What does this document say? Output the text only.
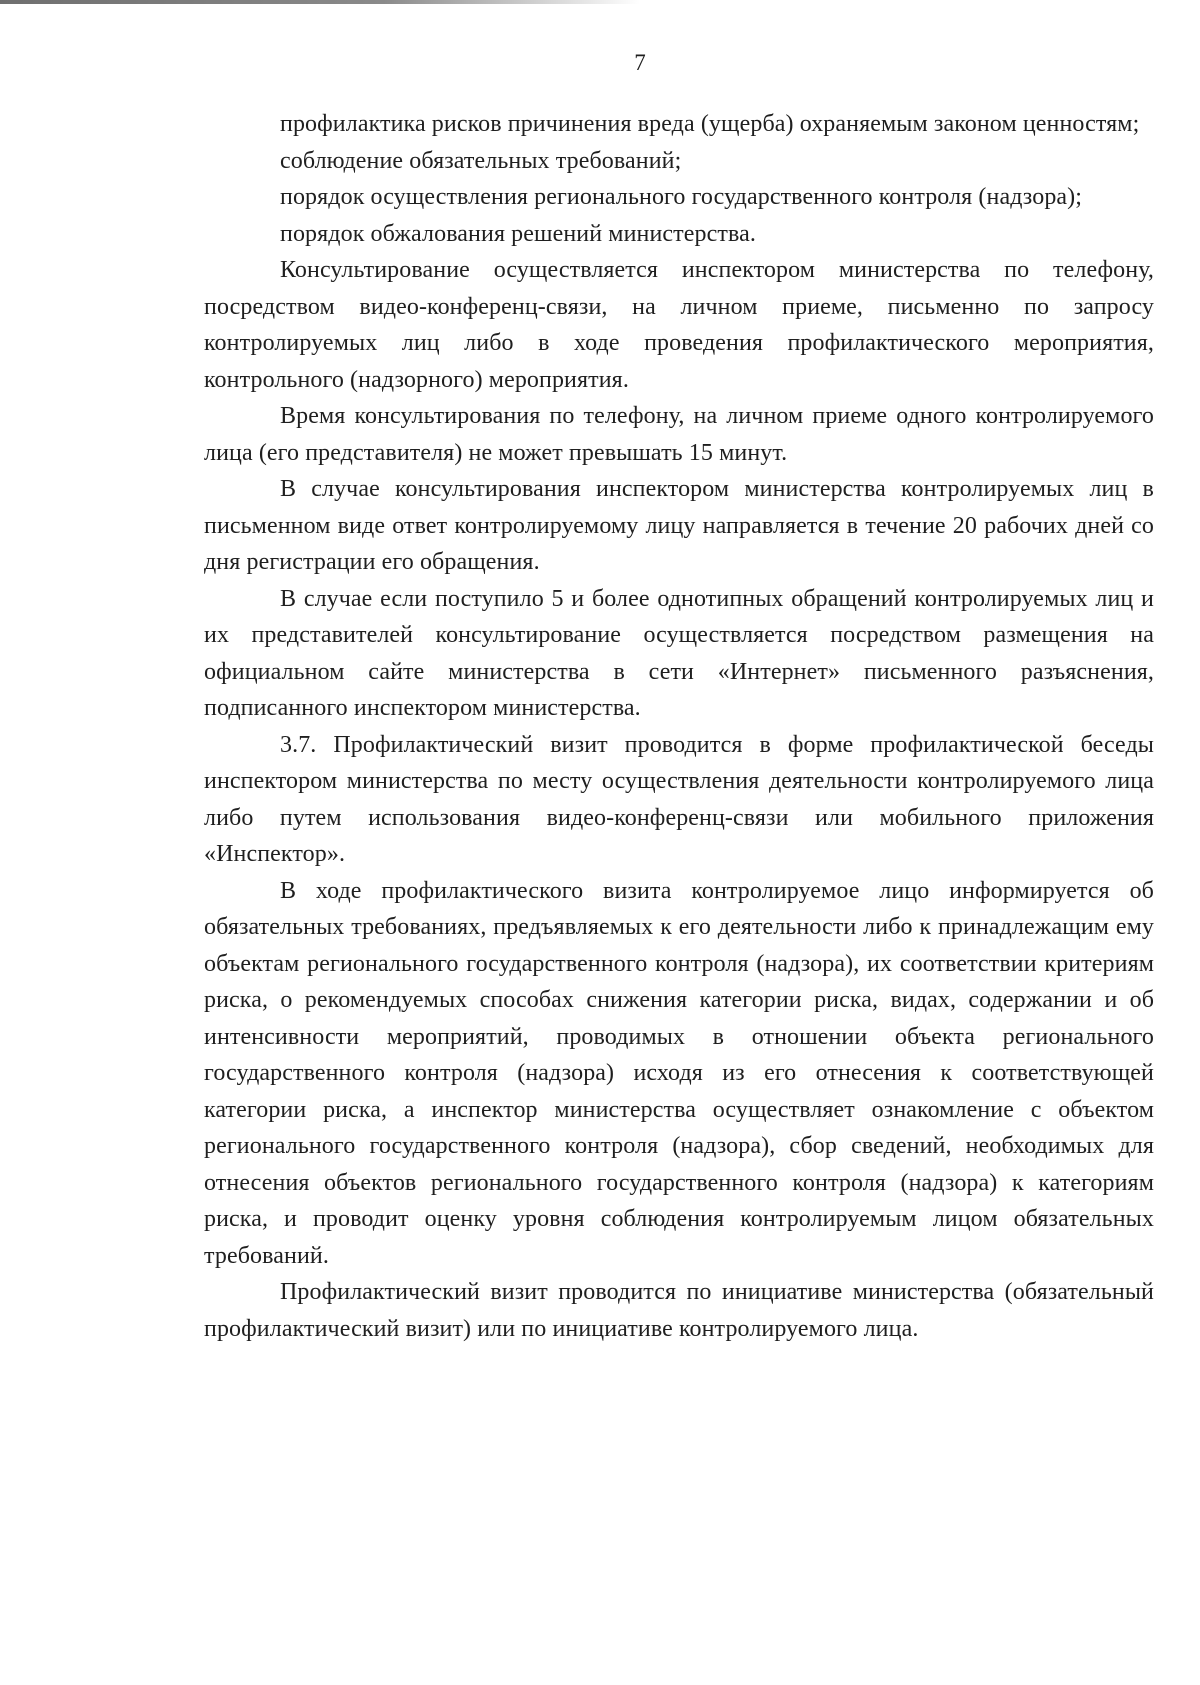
7

профилактика рисков причинения вреда (ущерба) охраняемым законом ценностям;

соблюдение обязательных требований;

порядок осуществления регионального государственного контроля (надзора);

порядок обжалования решений министерства.

Консультирование осуществляется инспектором министерства по телефону, посредством видео-конференц-связи, на личном приеме, письменно по запросу контролируемых лиц либо в ходе проведения профилактического мероприятия, контрольного (надзорного) мероприятия.

Время консультирования по телефону, на личном приеме одного контролируемого лица (его представителя) не может превышать 15 минут.

В случае консультирования инспектором министерства контролируемых лиц в письменном виде ответ контролируемому лицу направляется в течение 20 рабочих дней со дня регистрации его обращения.

В случае если поступило 5 и более однотипных обращений контролируемых лиц и их представителей консультирование осуществляется посредством размещения на официальном сайте министерства в сети «Интернет» письменного разъяснения, подписанного инспектором министерства.

3.7. Профилактический визит проводится в форме профилактической беседы инспектором министерства по месту осуществления деятельности контролируемого лица либо путем использования видео-конференц-связи или мобильного приложения «Инспектор».

В ходе профилактического визита контролируемое лицо информируется об обязательных требованиях, предъявляемых к его деятельности либо к принадлежащим ему объектам регионального государственного контроля (надзора), их соответствии критериям риска, о рекомендуемых способах снижения категории риска, видах, содержании и об интенсивности мероприятий, проводимых в отношении объекта регионального государственного контроля (надзора) исходя из его отнесения к соответствующей категории риска, а инспектор министерства осуществляет ознакомление с объектом регионального государственного контроля (надзора), сбор сведений, необходимых для отнесения объектов регионального государственного контроля (надзора) к категориям риска, и проводит оценку уровня соблюдения контролируемым лицом обязательных требований.

Профилактический визит проводится по инициативе министерства (обязательный профилактический визит) или по инициативе контролируемого лица.
